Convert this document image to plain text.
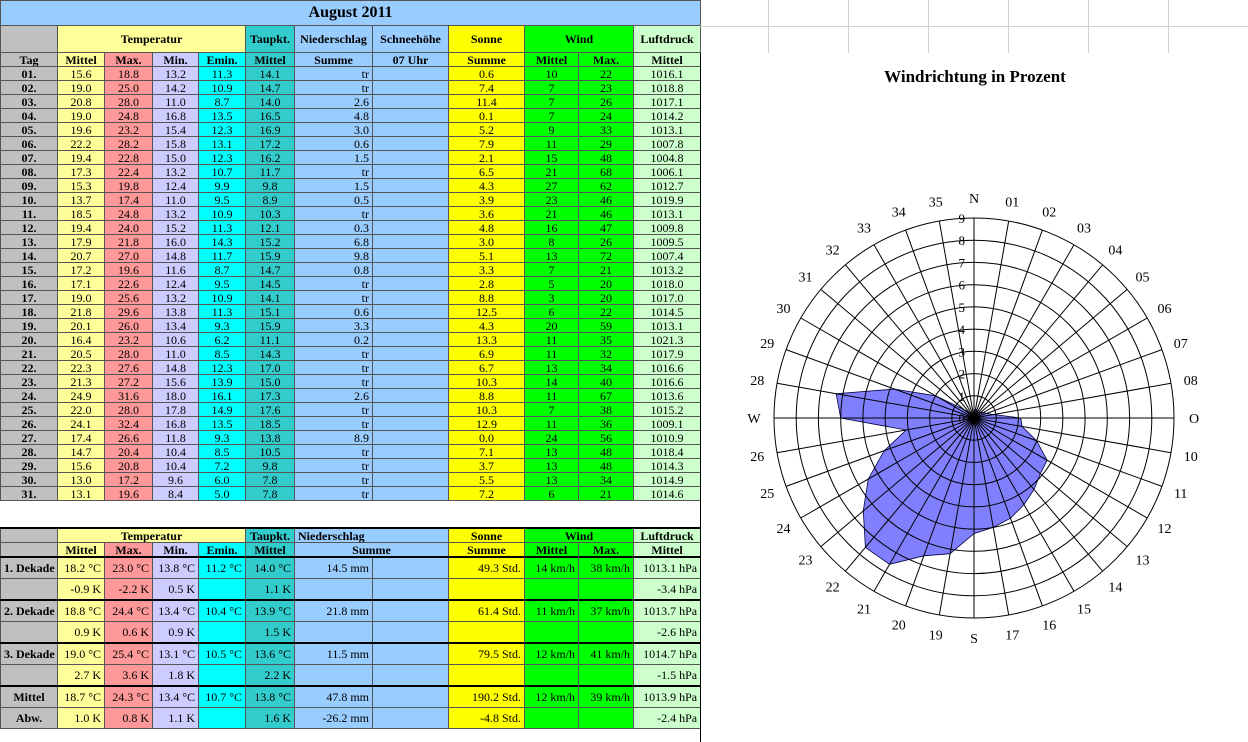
August 2011											
	Temperatur				Taupkt.	Niederschlag	Schneehöhe	Sonne	Wind		Luftdruck
Tag	Mittel	Max.	Min.	Emin.	Mittel	Summe	07 Uhr	Summe	Mittel	Max.	Mittel
01.	15.6	18.8	13.2	11.3	14.1	tr		0.6	10	22	1016.1
02.	19.0	25.0	14.2	10.9	14.7	tr		7.4	7	23	1018.8
03.	20.8	28.0	11.0	8.7	14.0	2.6		11.4	7	26	1017.1
04.	19.0	24.8	16.8	13.5	16.5	4.8		0.1	7	24	1014.2
05.	19.6	23.2	15.4	12.3	16.9	3.0		5.2	9	33	1013.1
06.	22.2	28.2	15.8	13.1	17.2	0.6		7.9	11	29	1007.8
07.	19.4	22.8	15.0	12.3	16.2	1.5		2.1	15	48	1004.8
08.	17.3	22.4	13.2	10.7	11.7	tr		6.5	21	68	1006.1
09.	15.3	19.8	12.4	9.9	9.8	1.5		4.3	27	62	1012.7
10.	13.7	17.4	11.0	9.5	8.9	0.5		3.9	23	46	1019.9
11.	18.5	24.8	13.2	10.9	10.3	tr		3.6	21	46	1013.1
12.	19.4	24.0	15.2	11.3	12.1	0.3		4.8	16	47	1009.8
13.	17.9	21.8	16.0	14.3	15.2	6.8		3.0	8	26	1009.5
14.	20.7	27.0	14.8	11.7	15.9	9.8		5.1	13	72	1007.4
15.	17.2	19.6	11.6	8.7	14.7	0.8		3.3	7	21	1013.2
16.	17.1	22.6	12.4	9.5	14.5	tr		2.8	5	20	1018.0
17.	19.0	25.6	13.2	10.9	14.1	tr		8.8	3	20	1017.0
18.	21.8	29.6	13.8	11.3	15.1	0.6		12.5	6	22	1014.5
19.	20.1	26.0	13.4	9.3	15.9	3.3		4.3	20	59	1013.1
20.	16.4	23.2	10.6	6.2	11.1	0.2		13.3	11	35	1021.3
21.	20.5	28.0	11.0	8.5	14.3	tr		6.9	11	32	1017.9
22.	22.3	27.6	14.8	12.3	17.0	tr		6.7	13	34	1016.6
23.	21.3	27.2	15.6	13.9	15.0	tr		10.3	14	40	1016.6
24.	24.9	31.6	18.0	16.1	17.3	2.6		8.8	11	67	1013.6
25.	22.0	28.0	17.8	14.9	17.6	tr		10.3	7	38	1015.2
26.	24.1	32.4	16.8	13.5	18.5	tr		12.9	11	36	1009.1
27.	17.4	26.6	11.8	9.3	13.8	8.9		0.0	24	56	1010.9
28.	14.7	20.4	10.4	8.5	10.5	tr		7.1	13	48	1018.4
29.	15.6	20.8	10.4	7.2	9.8	tr		3.7	13	48	1014.3
30.	13.0	17.2	9.6	6.0	7.8	tr		5.5	13	34	1014.9
31.	13.1	19.6	8.4	5.0	7.8	tr		7.2	6	21	1014.6

	Temperatur				Taupkt.	Niederschlag		Sonne	Wind		Luftdruck
	Mittel	Max.	Min.	Emin.	Mittel	Summe		Summe	Mittel	Max.	Mittel
1. Dekade	18.2 °C	23.0 °C	13.8 °C	11.2 °C	14.0 °C	14.5 mm		49.3 Std.	14 km/h	38 km/h	1013.1 hPa
	-0.9 K	-2.2 K	0.5 K		1.1 K						-3.4 hPa
2. Dekade	18.8 °C	24.4 °C	13.4 °C	10.4 °C	13.9 °C	21.8 mm		61.4 Std.	11 km/h	37 km/h	1013.7 hPa
	0.9 K	0.6 K	0.9 K		1.5 K						-2.6 hPa
3. Dekade	19.0 °C	25.4 °C	13.1 °C	10.5 °C	13.6 °C	11.5 mm		79.5 Std.	12 km/h	41 km/h	1014.7 hPa
	2.7 K	3.6 K	1.8 K		2.2 K						-1.5 hPa
Mittel	18.7 °C	24.3 °C	13.4 °C	10.7 °C	13.8 °C	47.8 mm		190.2 Std.	12 km/h	39 km/h	1013.9 hPa
Abw.	1.0 K	0.8 K	1.1 K		1.6 K	-26.2 mm		-4.8 Std.			-2.4 hPa
Windrichtung in Prozent
0
1
2
3
4
5
6
7
8
9
N 01
02
03
04
05
06
07
08
O
10
11
12
13
14
15
16
17
S
19
20
21
22
23
24
25
26
W
28
29
30
31
32
33
34
35
